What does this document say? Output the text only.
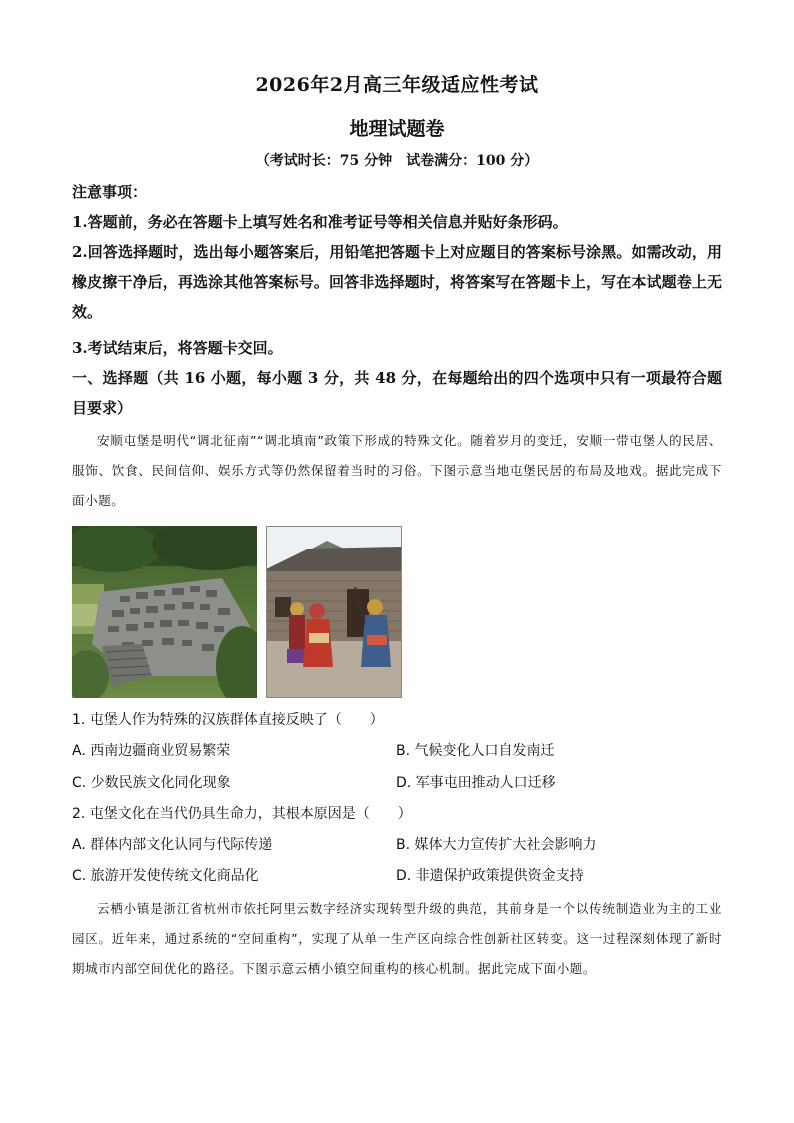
2026年2月高三年级适应性考试
地理试题卷
（考试时长：75 分钟　试卷满分：100 分）
注意事项：
1.答题前，务必在答题卡上填写姓名和准考证号等相关信息并贴好条形码。
2.回答选择题时，选出每小题答案后，用铅笔把答题卡上对应题目的答案标号涂黑。如需改动，用橡皮擦干净后，再选涂其他答案标号。回答非选择题时，将答案写在答题卡上，写在本试题卷上无效。
3.考试结束后，将答题卡交回。
一、选择题（共 16 小题，每小题 3 分，共 48 分，在每题给出的四个选项中只有一项最符合题目要求）
安顺屯堡是明代“调北征南”“调北填南”政策下形成的特殊文化。随着岁月的变迁，安顺一带屯堡人的民居、服饰、饮食、民间信仰、娱乐方式等仍然保留着当时的习俗。下图示意当地屯堡民居的布局及地戏。据此完成下面小题。
1. 屯堡人作为特殊的汉族群体直接反映了（　　）
A. 西南边疆商业贸易繁荣	B. 气候变化人口自发南迁
C. 少数民族文化同化现象	D. 军事屯田推动人口迁移
2. 屯堡文化在当代仍具生命力，其根本原因是（　　）
A. 群体内部文化认同与代际传递	B. 媒体大力宣传扩大社会影响力
C. 旅游开发使传统文化商品化	D. 非遗保护政策提供资金支持
云栖小镇是浙江省杭州市依托阿里云数字经济实现转型升级的典范，其前身是一个以传统制造业为主的工业园区。近年来，通过系统的“空间重构”，实现了从单一生产区向综合性创新社区转变。这一过程深刻体现了新时期城市内部空间优化的路径。下图示意云栖小镇空间重构的核心机制。据此完成下面小题。
